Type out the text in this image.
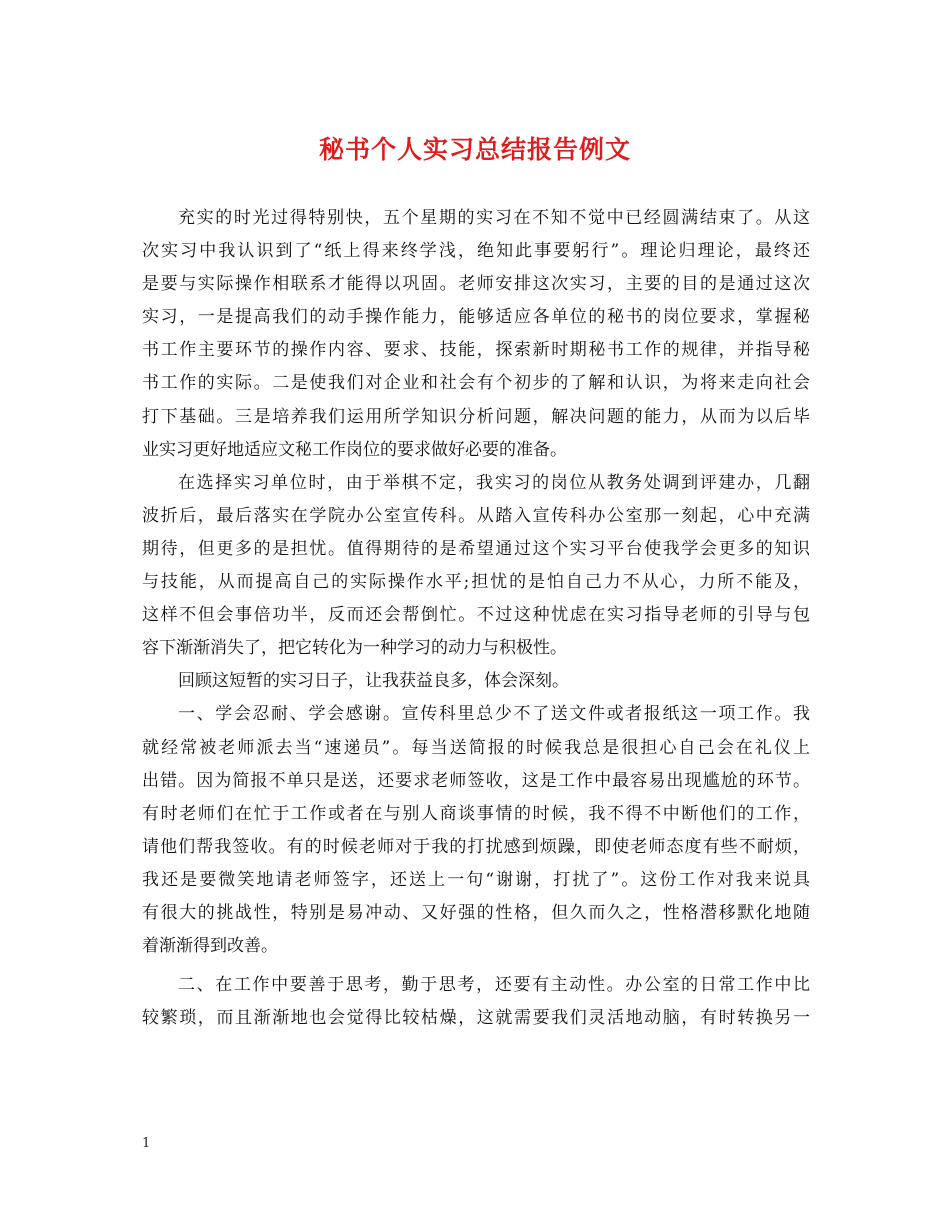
秘书个人实习总结报告例文
充实的时光过得特别快，五个星期的实习在不知不觉中已经圆满结束了。从这
次实习中我认识到了“纸上得来终学浅，绝知此事要躬行”。理论归理论，最终还
是要与实际操作相联系才能得以巩固。老师安排这次实习，主要的目的是通过这次
实习，一是提高我们的动手操作能力，能够适应各单位的秘书的岗位要求，掌握秘
书工作主要环节的操作内容、要求、技能，探索新时期秘书工作的规律，并指导秘
书工作的实际。二是使我们对企业和社会有个初步的了解和认识，为将来走向社会
打下基础。三是培养我们运用所学知识分析问题，解决问题的能力，从而为以后毕
业实习更好地适应文秘工作岗位的要求做好必要的准备。
在选择实习单位时，由于举棋不定，我实习的岗位从教务处调到评建办，几翻
波折后，最后落实在学院办公室宣传科。从踏入宣传科办公室那一刻起，心中充满
期待，但更多的是担忧。值得期待的是希望通过这个实习平台使我学会更多的知识
与技能，从而提高自己的实际操作水平;担忧的是怕自己力不从心，力所不能及，
这样不但会事倍功半，反而还会帮倒忙。不过这种忧虑在实习指导老师的引导与包
容下渐渐消失了，把它转化为一种学习的动力与积极性。
回顾这短暂的实习日子，让我获益良多，体会深刻。
一、学会忍耐、学会感谢。宣传科里总少不了送文件或者报纸这一项工作。我
就经常被老师派去当“速递员”。每当送简报的时候我总是很担心自己会在礼仪上
出错。因为简报不单只是送，还要求老师签收，这是工作中最容易出现尴尬的环节。
有时老师们在忙于工作或者在与别人商谈事情的时候，我不得不中断他们的工作，
请他们帮我签收。有的时候老师对于我的打扰感到烦躁，即使老师态度有些不耐烦，
我还是要微笑地请老师签字，还送上一句“谢谢，打扰了”。这份工作对我来说具
有很大的挑战性，特别是易冲动、又好强的性格，但久而久之，性格潜移默化地随
着渐渐得到改善。
二、在工作中要善于思考，勤于思考，还要有主动性。办公室的日常工作中比
较繁琐，而且渐渐地也会觉得比较枯燥，这就需要我们灵活地动脑，有时转换另一
1
